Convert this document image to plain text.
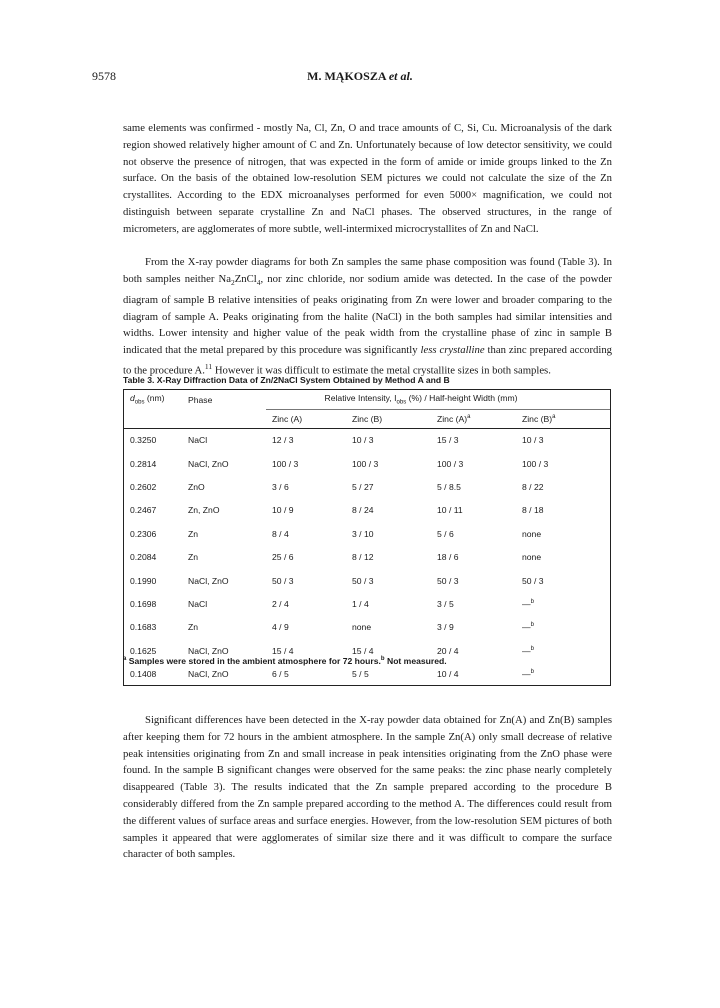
9578	M. MĄKOSZA et al.

same elements was confirmed - mostly Na, Cl, Zn, O and trace amounts of C, Si, Cu. Microanalysis of the dark region showed relatively higher amount of C and Zn. Unfortunately because of low detector sensitivity, we could not observe the presence of nitrogen, that was expected in the form of amide or imide groups linked to the Zn surface. On the basis of the obtained low-resolution SEM pictures we could not calculate the size of the Zn crystallites. According to the EDX microanalyses performed for even 5000× magnification, we could not distinguish between separate crystalline Zn and NaCl phases. The observed structures, in the range of micrometers, are agglomerates of more subtle, well-intermixed microcrystallites of Zn and NaCl.

From the X-ray powder diagrams for both Zn samples the same phase composition was found (Table 3). In both samples neither $Na_2ZnCl_4$, nor zinc chloride, nor sodium amide was detected. In the case of the powder diagram of sample B relative intensities of peaks originating from Zn were lower and broader comparing to the diagram of sample A. Peaks originating from the halite (NaCl) in the both samples had similar intensities and widths. Lower intensity and higher value of the peak width from the crystalline phase of zinc in sample B indicated that the metal prepared by this procedure was significantly less crystalline than zinc prepared according to the procedure A.$^{11}$ However it was difficult to estimate the metal crystallite sizes in both samples.

Table 3. X-Ray Diffraction Data of Zn/2NaCl System Obtained by Method A and B
$d_{obs}$ (nm)	Phase	Relative Intensity, $I_{obs}$ (%) / Half-height Width (mm)			
		Zinc (A)	Zinc (B)	Zinc $(A)^a$	Zinc $(B)^a$
0.3250	NaCl	12 / 3	10 / 3	15 / 3	10 / 3
0.2814	NaCl, ZnO	100 / 3	100 / 3	100 / 3	100 / 3
0.2602	ZnO	3 / 6	5 / 27	5 / 8.5	8 / 22
0.2467	Zn, ZnO	10 / 9	8 / 24	10 / 11	8 / 18
0.2306	Zn	8 / 4	3 / 10	5 / 6	none
0.2084	Zn	25 / 6	8 / 12	18 / 6	none
0.1990	NaCl, ZnO	50 / 3	50 / 3	50 / 3	50 / 3
0.1698	NaCl	2 / 4	1 / 4	3 / 5	—$^b$
0.1683	Zn	4 / 9	none	3 / 9	—$^b$
0.1625	NaCl, ZnO	15 / 4	15 / 4	20 / 4	—$^b$
0.1408	NaCl, ZnO	6 / 5	5 / 5	10 / 4	—$^b$
$^a$ Samples were stored in the ambient atmosphere for 72 hours.$^b$ Not measured.

Significant differences have been detected in the X-ray powder data obtained for Zn(A) and Zn(B) samples after keeping them for 72 hours in the ambient atmosphere. In the sample Zn(A) only small decrease of relative peak intensities originating from Zn and small increase in peak intensities originating from the ZnO phase were found. In the sample B significant changes were observed for the same peaks: the zinc phase nearly completely disappeared (Table 3). The results indicated that the Zn sample prepared according to the procedure B considerably differed from the Zn sample prepared according to the method A. The differences could result from the different values of surface areas and surface energies. However, from the low-resolution SEM pictures of both samples it appeared that were agglomerates of similar size there and it was difficult to compare the surface character of both samples.
